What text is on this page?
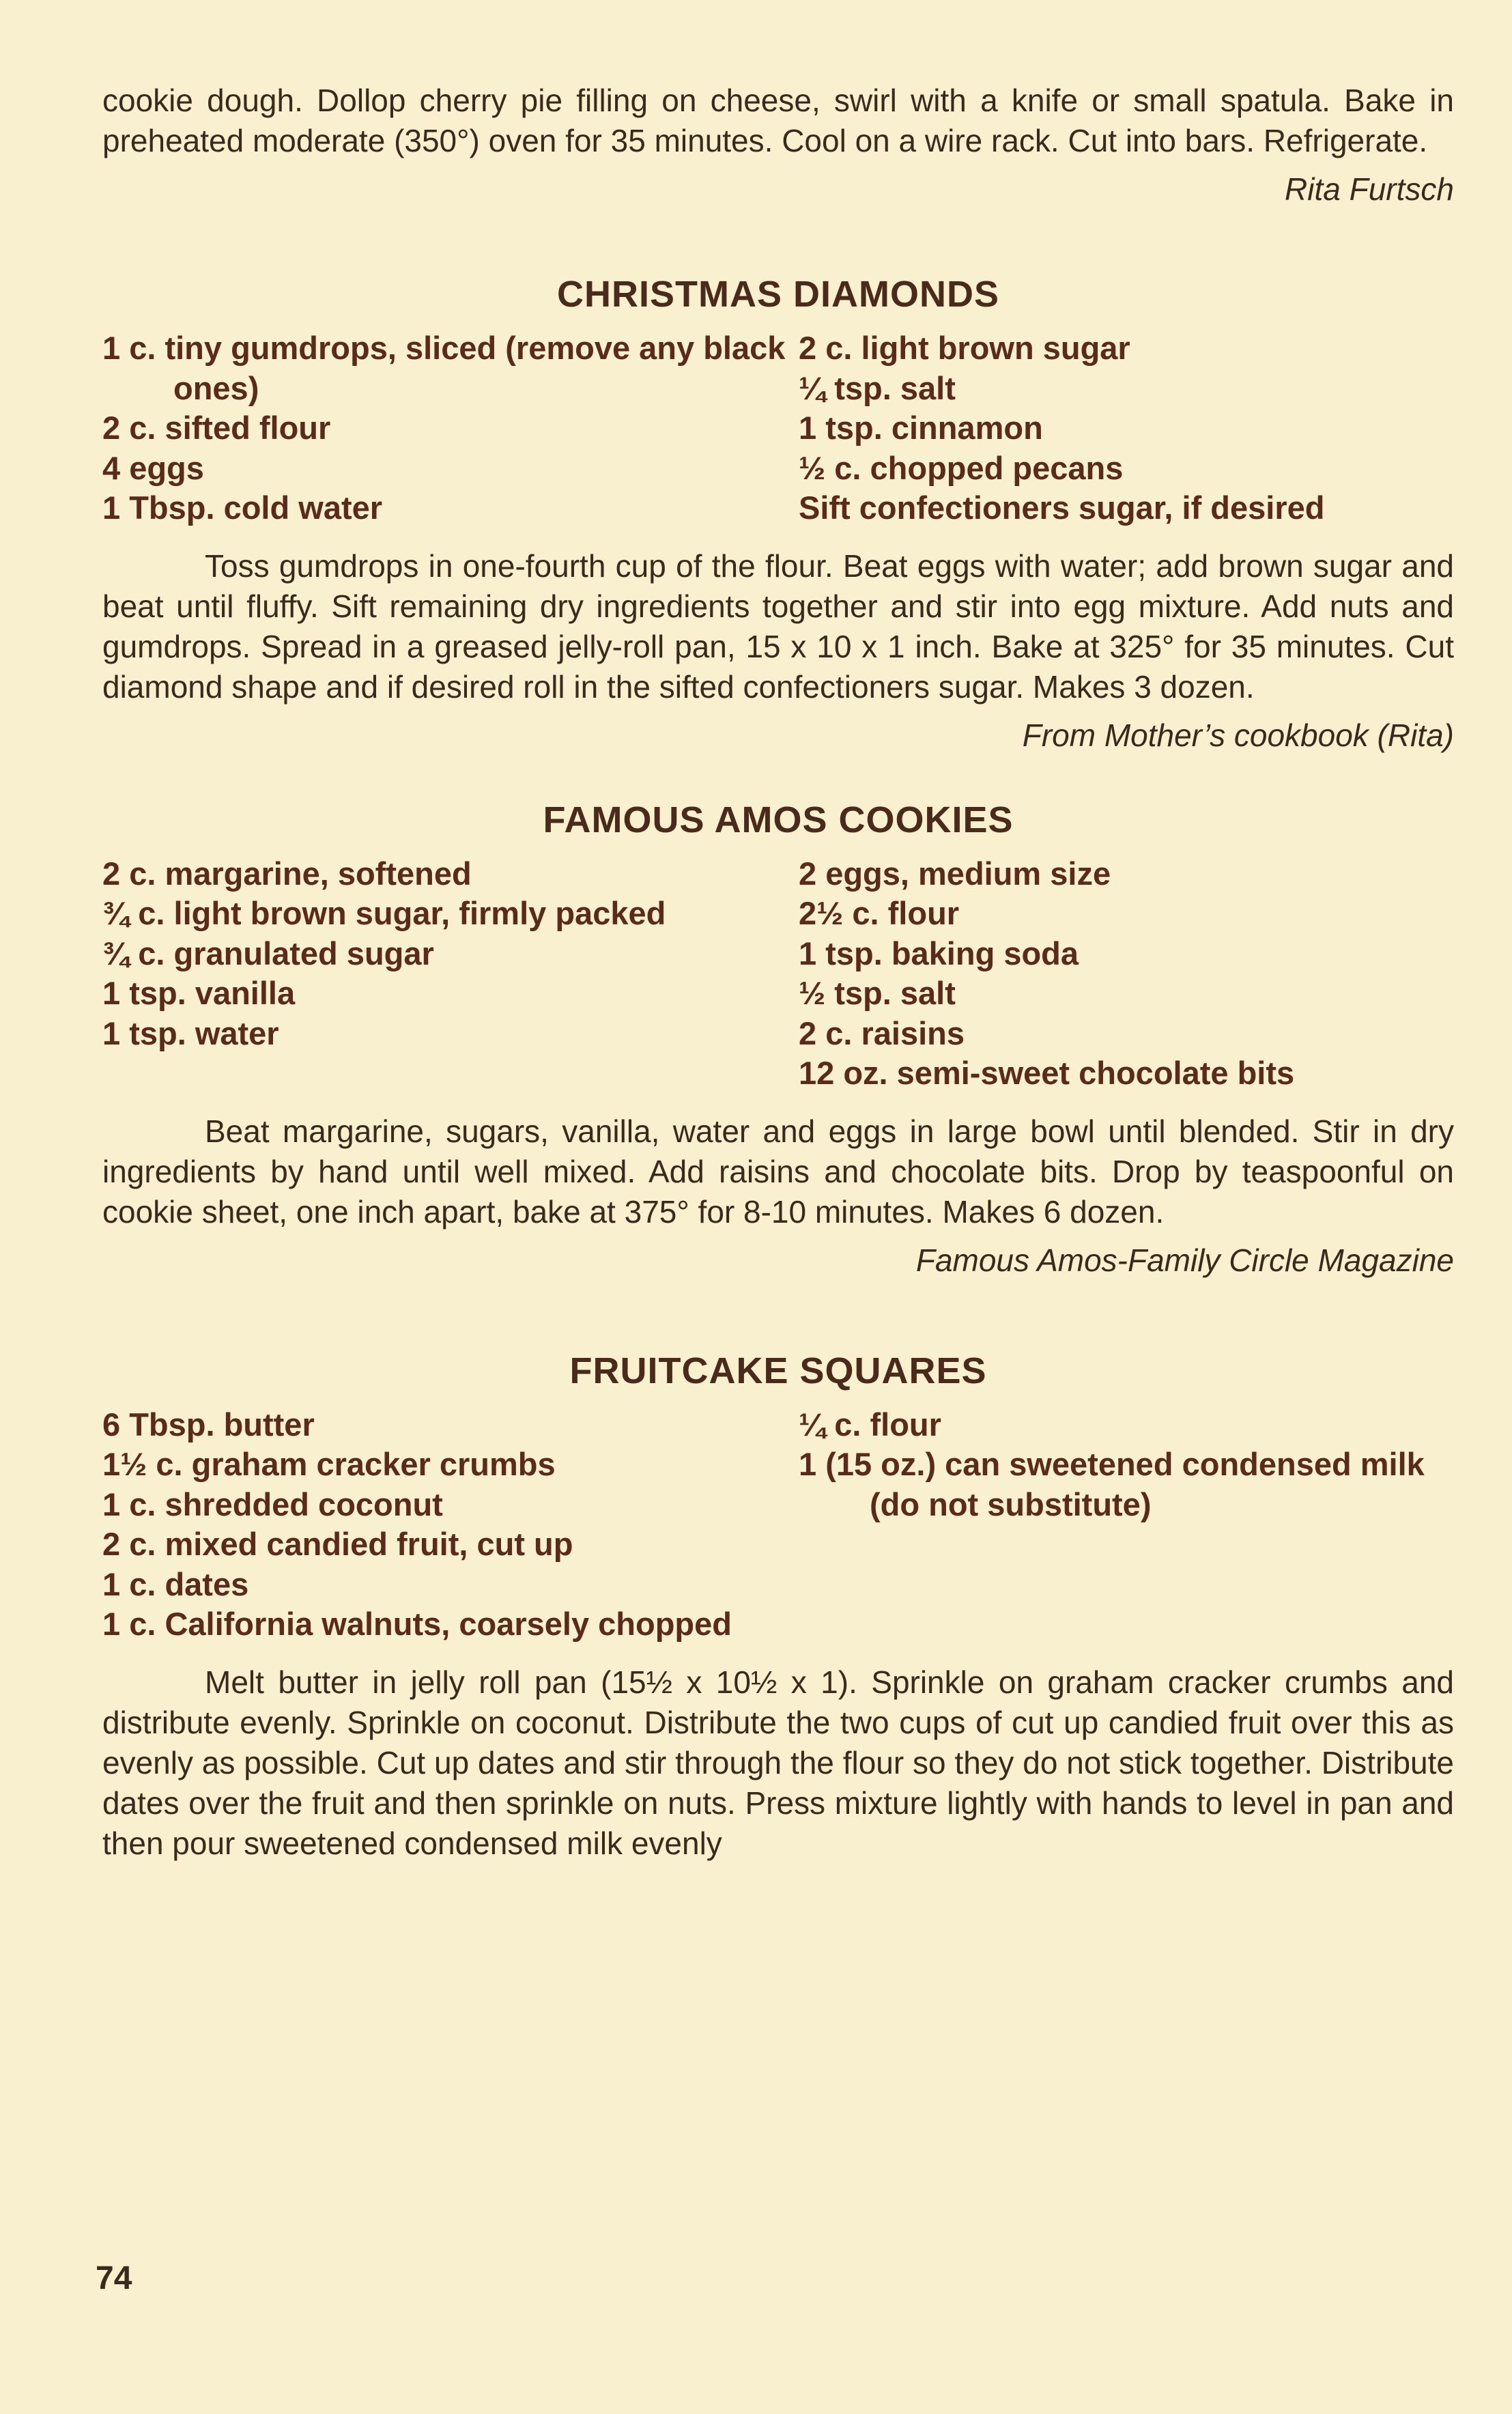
cookie dough. Dollop cherry pie filling on cheese, swirl with a knife or small spatula. Bake in preheated moderate (350°) oven for 35 minutes. Cool on a wire rack. Cut into bars. Refrigerate.

Rita Furtsch

CHRISTMAS DIAMONDS

1 c. tiny gumdrops, sliced (remove any black ones)

2 c. sifted flour

4 eggs

1 Tbsp. cold water

2 c. light brown sugar

¼ tsp. salt

1 tsp. cinnamon

½ c. chopped pecans

Sift confectioners sugar, if desired

Toss gumdrops in one-fourth cup of the flour. Beat eggs with water; add brown sugar and beat until fluffy. Sift remaining dry ingredients together and stir into egg mixture. Add nuts and gumdrops. Spread in a greased jelly-roll pan, 15 x 10 x 1 inch. Bake at 325° for 35 minutes. Cut diamond shape and if desired roll in the sifted confectioners sugar. Makes 3 dozen.

From Mother’s cookbook (Rita)

FAMOUS AMOS COOKIES

2 c. margarine, softened

¾ c. light brown sugar, firmly packed

¾ c. granulated sugar

1 tsp. vanilla

1 tsp. water

2 eggs, medium size

2½ c. flour

1 tsp. baking soda

½ tsp. salt

2 c. raisins

12 oz. semi-sweet chocolate bits

Beat margarine, sugars, vanilla, water and eggs in large bowl until blended. Stir in dry ingredients by hand until well mixed. Add raisins and chocolate bits. Drop by teaspoonful on cookie sheet, one inch apart, bake at 375° for 8-10 minutes. Makes 6 dozen.

Famous Amos-Family Circle Magazine

FRUITCAKE SQUARES

6 Tbsp. butter

1½ c. graham cracker crumbs

1 c. shredded coconut

2 c. mixed candied fruit, cut up

1 c. dates

1 c. California walnuts, coarsely chopped

¼ c. flour

1 (15 oz.) can sweetened condensed milk (do not substitute)

Melt butter in jelly roll pan (15½ x 10½ x 1). Sprinkle on graham cracker crumbs and distribute evenly. Sprinkle on coconut. Distribute the two cups of cut up candied fruit over this as evenly as possible. Cut up dates and stir through the flour so they do not stick together. Distribute dates over the fruit and then sprinkle on nuts. Press mixture lightly with hands to level in pan and then pour sweetened condensed milk evenly

74
